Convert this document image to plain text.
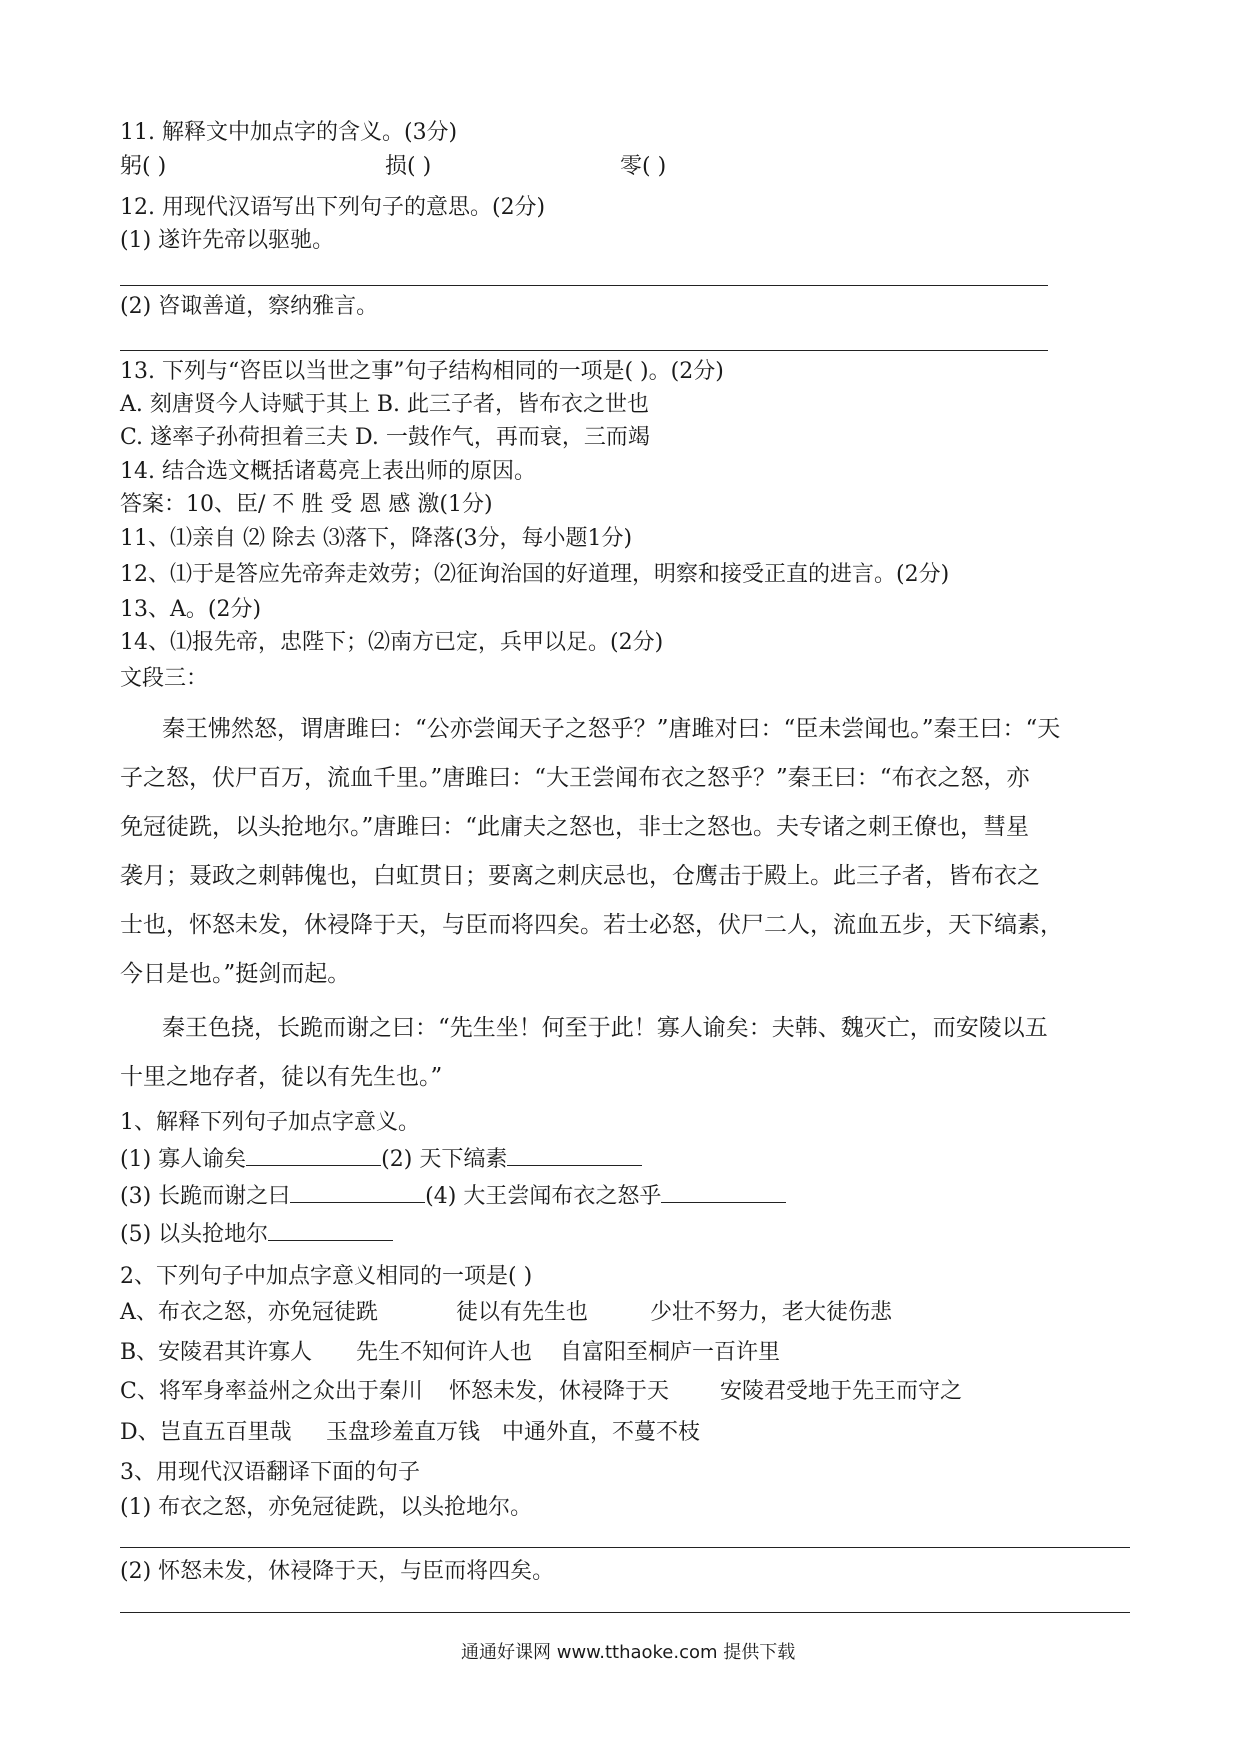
11. 解释文中加点字的含义。(3分)
躬( )	损( )	零( )
12. 用现代汉语写出下列句子的意思。(2分)
(1) 遂许先帝以驱驰。
(2) 咨诹善道，察纳雅言。
13. 下列与“咨臣以当世之事”句子结构相同的一项是( )。(2分)
A. 刻唐贤今人诗赋于其上 B. 此三子者，皆布衣之世也
C. 遂率子孙荷担着三夫 D. 一鼓作气，再而衰，三而竭
14. 结合选文概括诸葛亮上表出师的原因。
答案：10、臣/ 不 胜 受 恩 感 激(1分)
11、⑴亲自 ⑵ 除去 ⑶落下，降落(3分，每小题1分)
12、⑴于是答应先帝奔走效劳；⑵征询治国的好道理，明察和接受正直的进言。(2分)
13、A。(2分)
14、⑴报先帝，忠陛下；⑵南方已定，兵甲以足。(2分)
文段三：
秦王怫然怒，谓唐雎曰：“公亦尝闻天子之怒乎？”唐雎对曰：“臣未尝闻也。”秦王曰：“天
子之怒，伏尸百万，流血千里。”唐雎曰：“大王尝闻布衣之怒乎？”秦王曰：“布衣之怒，亦
免冠徒跣，以头抢地尔。”唐雎曰：“此庸夫之怒也，非士之怒也。夫专诸之刺王僚也，彗星
袭月；聂政之刺韩傀也，白虹贯日；要离之刺庆忌也，仓鹰击于殿上。此三子者，皆布衣之
士也，怀怒未发，休祲降于天，与臣而将四矣。若士必怒，伏尸二人，流血五步，天下缟素，
今日是也。”挺剑而起。
秦王色挠，长跪而谢之曰：“先生坐！何至于此！寡人谕矣：夫韩、魏灭亡，而安陵以五
十里之地存者，徒以有先生也。”
1、解释下列句子加点字意义。
(1) 寡人谕矣	(2) 天下缟素
(3) 长跪而谢之曰	(4) 大王尝闻布衣之怒乎
(5) 以头抢地尔
2、下列句子中加点字意义相同的一项是( )
A、布衣之怒，亦免冠徒跣	徒以有先生也	少壮不努力，老大徒伤悲
B、安陵君其许寡人 先生不知何许人也 自富阳至桐庐一百许里
C、将军身率益州之众出于秦川 怀怒未发，休祲降于天 安陵君受地于先王而守之
D、岂直五百里哉 玉盘珍羞直万钱 中通外直，不蔓不枝
3、用现代汉语翻译下面的句子
(1) 布衣之怒，亦免冠徒跣，以头抢地尔。
(2) 怀怒未发，休祲降于天，与臣而将四矣。
通通好课网 www.tthaoke.com 提供下载
